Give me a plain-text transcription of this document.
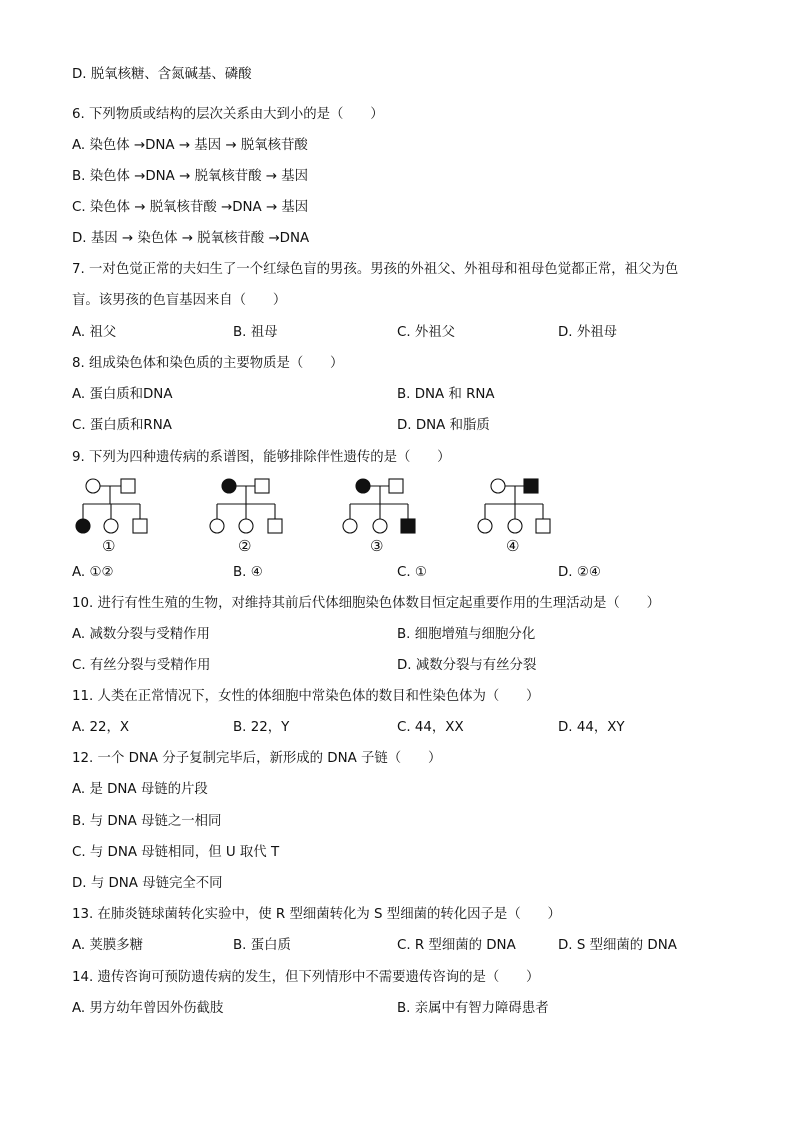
D. 脱氧核糖、含氮碱基、磷酸
6. 下列物质或结构的层次关系由大到小的是（　　）
A. 染色体 →DNA → 基因 → 脱氧核苷酸
B. 染色体 →DNA → 脱氧核苷酸 → 基因
C. 染色体 → 脱氧核苷酸 →DNA → 基因
D. 基因 → 染色体 → 脱氧核苷酸 →DNA
7. 一对色觉正常的夫妇生了一个红绿色盲的男孩。男孩的外祖父、外祖母和祖母色觉都正常，祖父为色
盲。该男孩的色盲基因来自（　　）
A. 祖父	B. 祖母	C. 外祖父	D. 外祖母
8. 组成染色体和染色质的主要物质是（　　）
A. 蛋白质和DNA	B. DNA 和 RNA
C. 蛋白质和RNA	D. DNA 和脂质
9. 下列为四种遗传病的系谱图，能够排除伴性遗传的是（　　）
①	②	③	④
A. ①②	B. ④	C. ①	D. ②④
10. 进行有性生殖的生物，对维持其前后代体细胞染色体数目恒定起重要作用的生理活动是（　　）
A. 减数分裂与受精作用	B. 细胞增殖与细胞分化
C. 有丝分裂与受精作用	D. 减数分裂与有丝分裂
11. 人类在正常情况下，女性的体细胞中常染色体的数目和性染色体为（　　）
A. 22，X	B. 22，Y	C. 44，XX	D. 44，XY
12. 一个 DNA 分子复制完毕后，新形成的 DNA 子链（　　）
A. 是 DNA 母链的片段
B. 与 DNA 母链之一相同
C. 与 DNA 母链相同，但 U 取代 T
D. 与 DNA 母链完全不同
13. 在肺炎链球菌转化实验中，使 R 型细菌转化为 S 型细菌的转化因子是（　　）
A. 荚膜多糖	B. 蛋白质	C. R 型细菌的 DNA	D. S 型细菌的 DNA
14. 遗传咨询可预防遗传病的发生，但下列情形中不需要遗传咨询的是（　　）
A. 男方幼年曾因外伤截肢	B. 亲属中有智力障碍患者
